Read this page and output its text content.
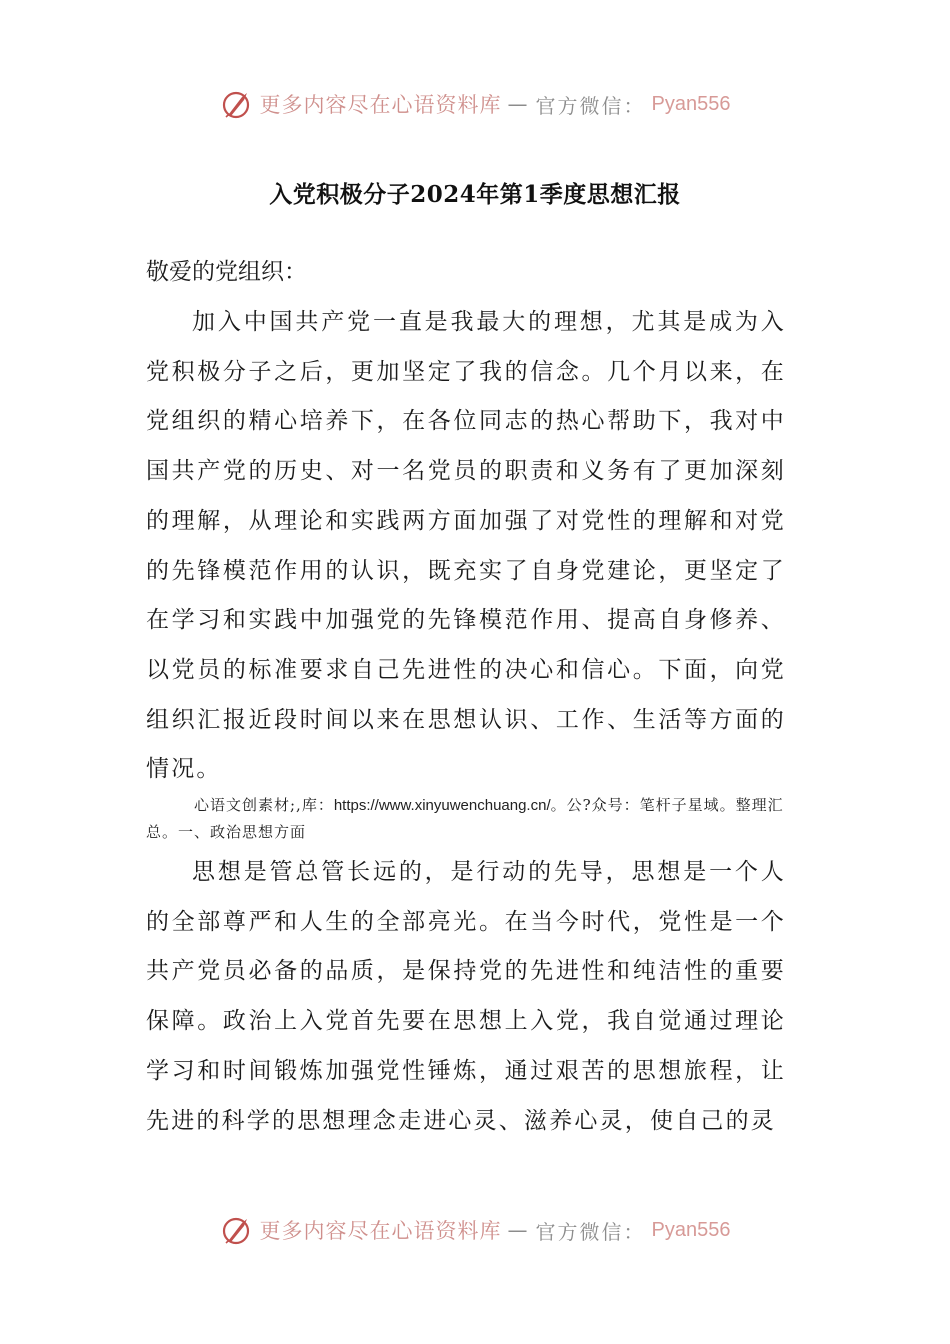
更多内容尽在心语资料库 — 官方微信： Pyan556
入党积极分子2024年第1季度思想汇报
敬爱的党组织：

加入中国共产党一直是我最大的理想，尤其是成为入党积极分子之后，更加坚定了我的信念。几个月以来，在党组织的精心培养下，在各位同志的热心帮助下，我对中国共产党的历史、对一名党员的职责和义务有了更加深刻的理解，从理论和实践两方面加强了对党性的理解和对党的先锋模范作用的认识，既充实了自身党建论，更坚定了在学习和实践中加强党的先锋模范作用、提高自身修养、以党员的标准要求自己先进性的决心和信心。下面，向党组织汇报近段时间以来在思想认识、工作、生活等方面的情况。

心语文创素材;,库：https://www.xinyuwenchuang.cn/。公?众号：笔杆子星域。整理汇总。一、政治思想方面

思想是管总管长远的，是行动的先导，思想是一个人的全部尊严和人生的全部亮光。在当今时代，党性是一个共产党员必备的品质，是保持党的先进性和纯洁性的重要保障。政治上入党首先要在思想上入党，我自觉通过理论学习和时间锻炼加强党性锤炼，通过艰苦的思想旅程，让先进的科学的思想理念走进心灵、滋养心灵，使自己的灵

更多内容尽在心语资料库 — 官方微信： Pyan556
